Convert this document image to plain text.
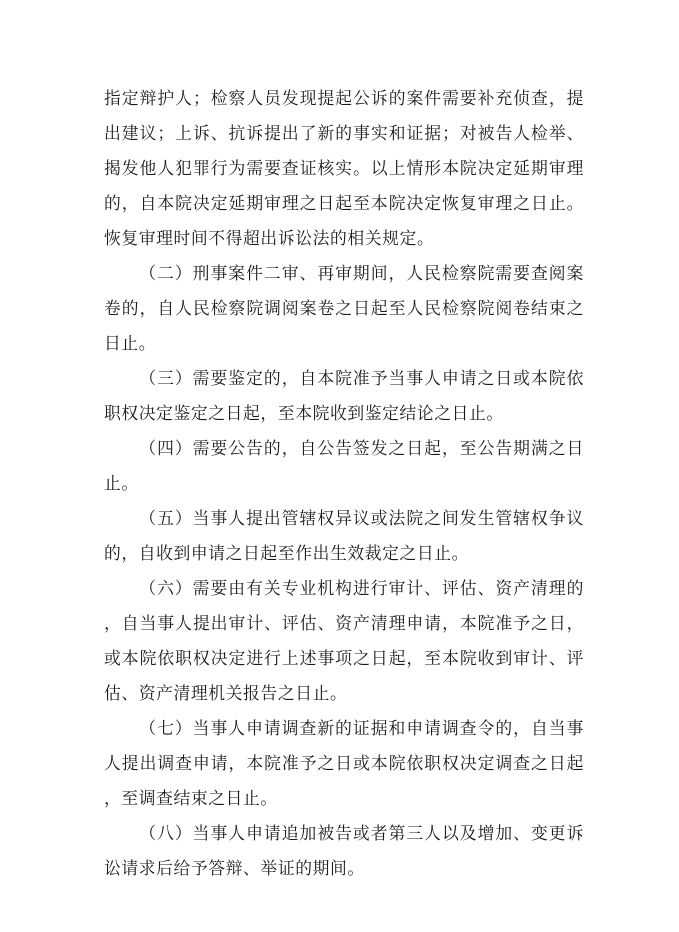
指定辩护人；检察人员发现提起公诉的案件需要补充侦查，提出建议；上诉、抗诉提出了新的事实和证据；对被告人检举、揭发他人犯罪行为需要查证核实。以上情形本院决定延期审理的，自本院决定延期审理之日起至本院决定恢复审理之日止。恢复审理时间不得超出诉讼法的相关规定。

（二）刑事案件二审、再审期间，人民检察院需要查阅案卷的，自人民检察院调阅案卷之日起至人民检察院阅卷结束之日止。

（三）需要鉴定的，自本院准予当事人申请之日或本院依职权决定鉴定之日起，至本院收到鉴定结论之日止。

（四）需要公告的，自公告签发之日起，至公告期满之日止。

（五）当事人提出管辖权异议或法院之间发生管辖权争议的，自收到申请之日起至作出生效裁定之日止。

（六）需要由有关专业机构进行审计、评估、资产清理的，自当事人提出审计、评估、资产清理申请，本院准予之日，或本院依职权决定进行上述事项之日起，至本院收到审计、评估、资产清理机关报告之日止。

（七）当事人申请调查新的证据和申请调查令的，自当事人提出调查申请，本院准予之日或本院依职权决定调查之日起，至调查结束之日止。

（八）当事人申请追加被告或者第三人以及增加、变更诉讼请求后给予答辩、举证的期间。
